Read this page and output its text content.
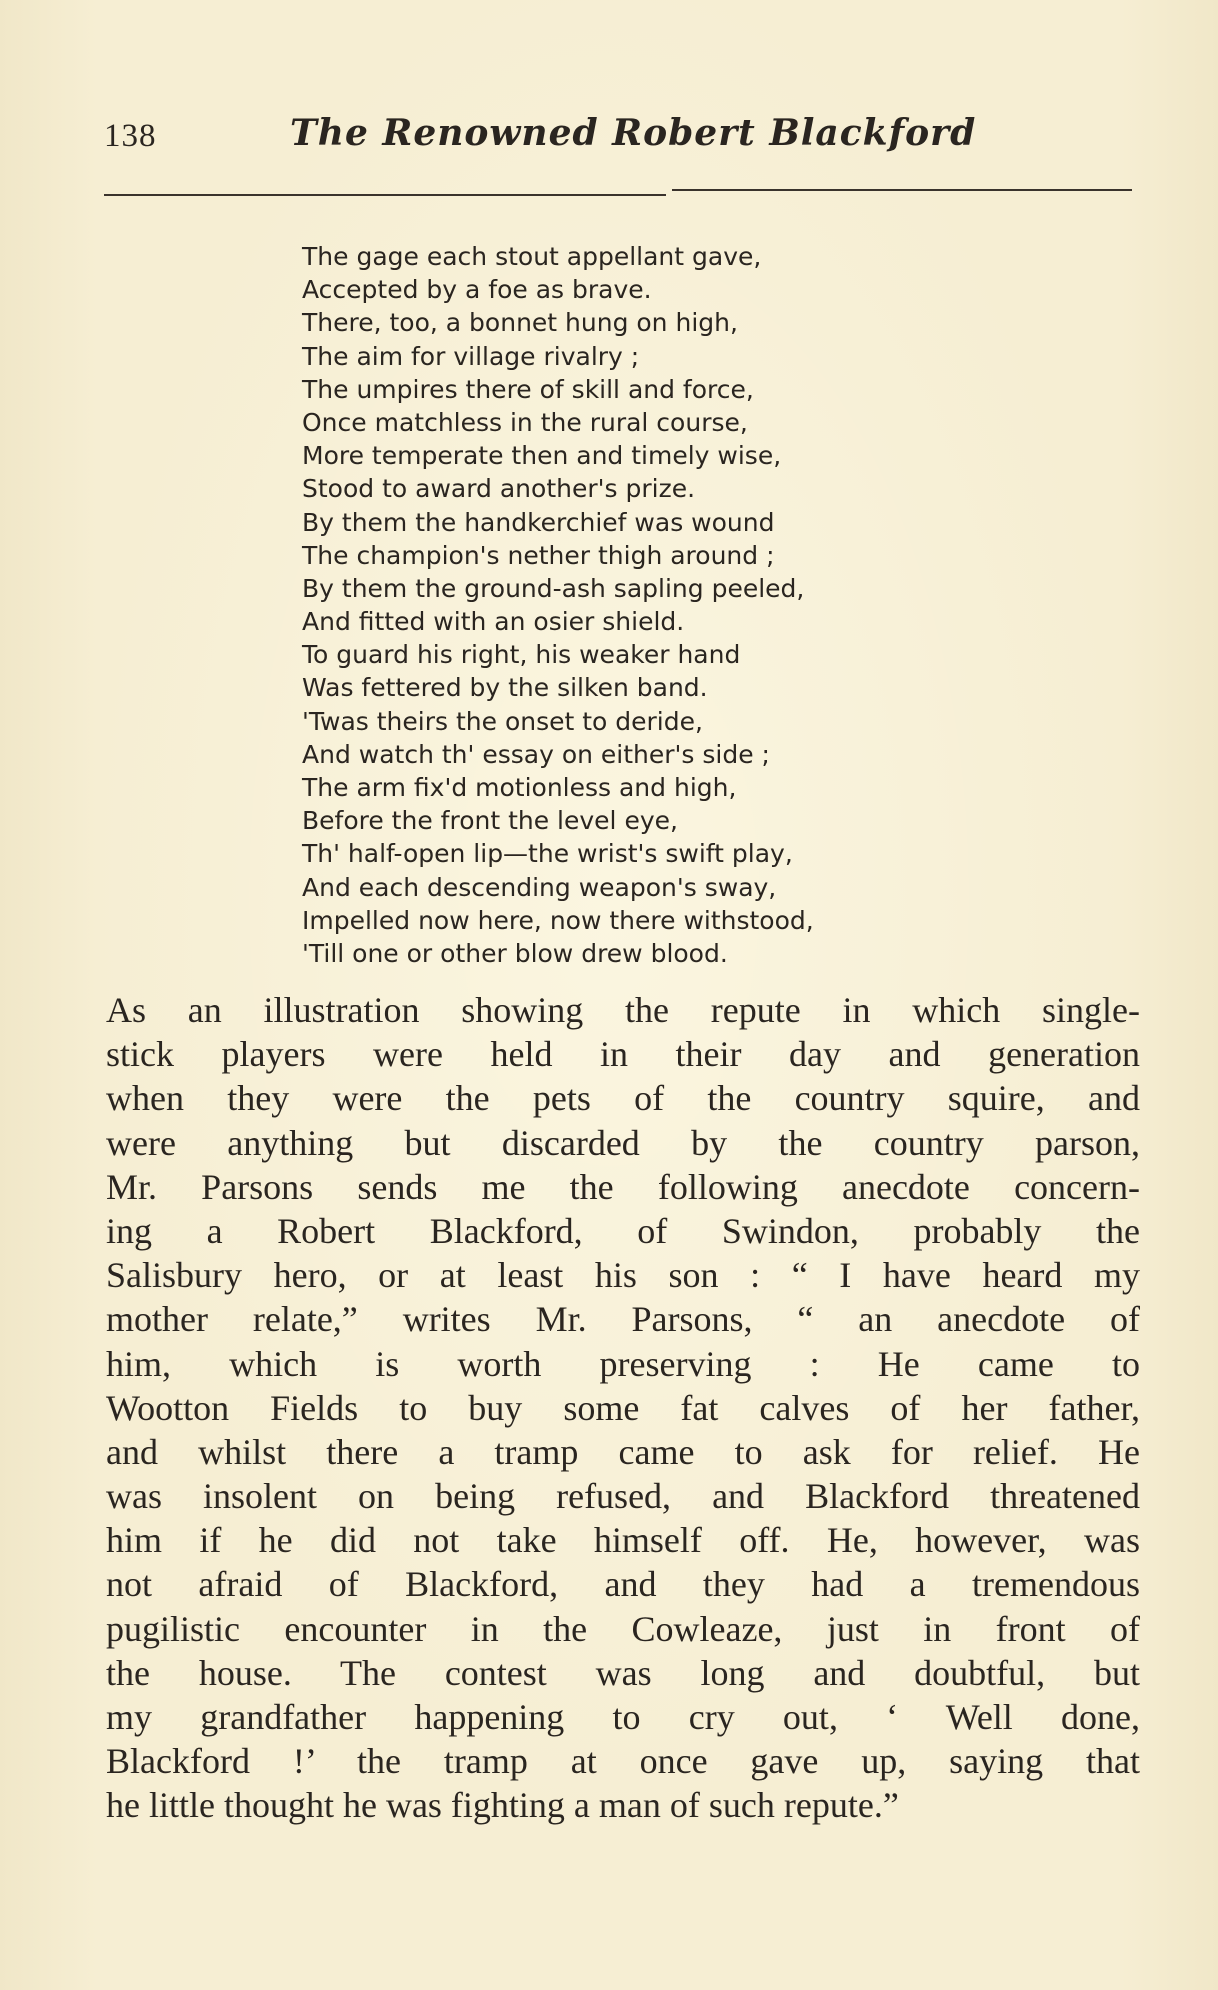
138	The Renowned Robert Blackford
The gage each stout appellant gave,
Accepted by a foe as brave.
There, too, a bonnet hung on high,
The aim for village rivalry ;
The umpires there of skill and force,
Once matchless in the rural course,
More temperate then and timely wise,
Stood to award another's prize.
By them the handkerchief was wound
The champion's nether thigh around ;
By them the ground-ash sapling peeled,
And fitted with an osier shield.
To guard his right, his weaker hand
Was fettered by the silken band.
'Twas theirs the onset to deride,
And watch th' essay on either's side ;
The arm fix'd motionless and high,
Before the front the level eye,
Th' half-open lip—the wrist's swift play,
And each descending weapon's sway,
Impelled now here, now there withstood,
'Till one or other blow drew blood.
As an illustration showing the repute in which single-
stick players were held in their day and generation
when they were the pets of the country squire, and
were anything but discarded by the country parson,
Mr. Parsons sends me the following anecdote concern-
ing a Robert Blackford, of Swindon, probably the
Salisbury hero, or at least his son : “ I have heard my
mother relate,” writes Mr. Parsons, “ an anecdote of
him, which is worth preserving : He came to
Wootton Fields to buy some fat calves of her father,
and whilst there a tramp came to ask for relief. He
was insolent on being refused, and Blackford threatened
him if he did not take himself off. He, however, was
not afraid of Blackford, and they had a tremendous
pugilistic encounter in the Cowleaze, just in front of
the house. The contest was long and doubtful, but
my grandfather happening to cry out, ‘ Well done,
Blackford !’ the tramp at once gave up, saying that
he little thought he was fighting a man of such repute.”
